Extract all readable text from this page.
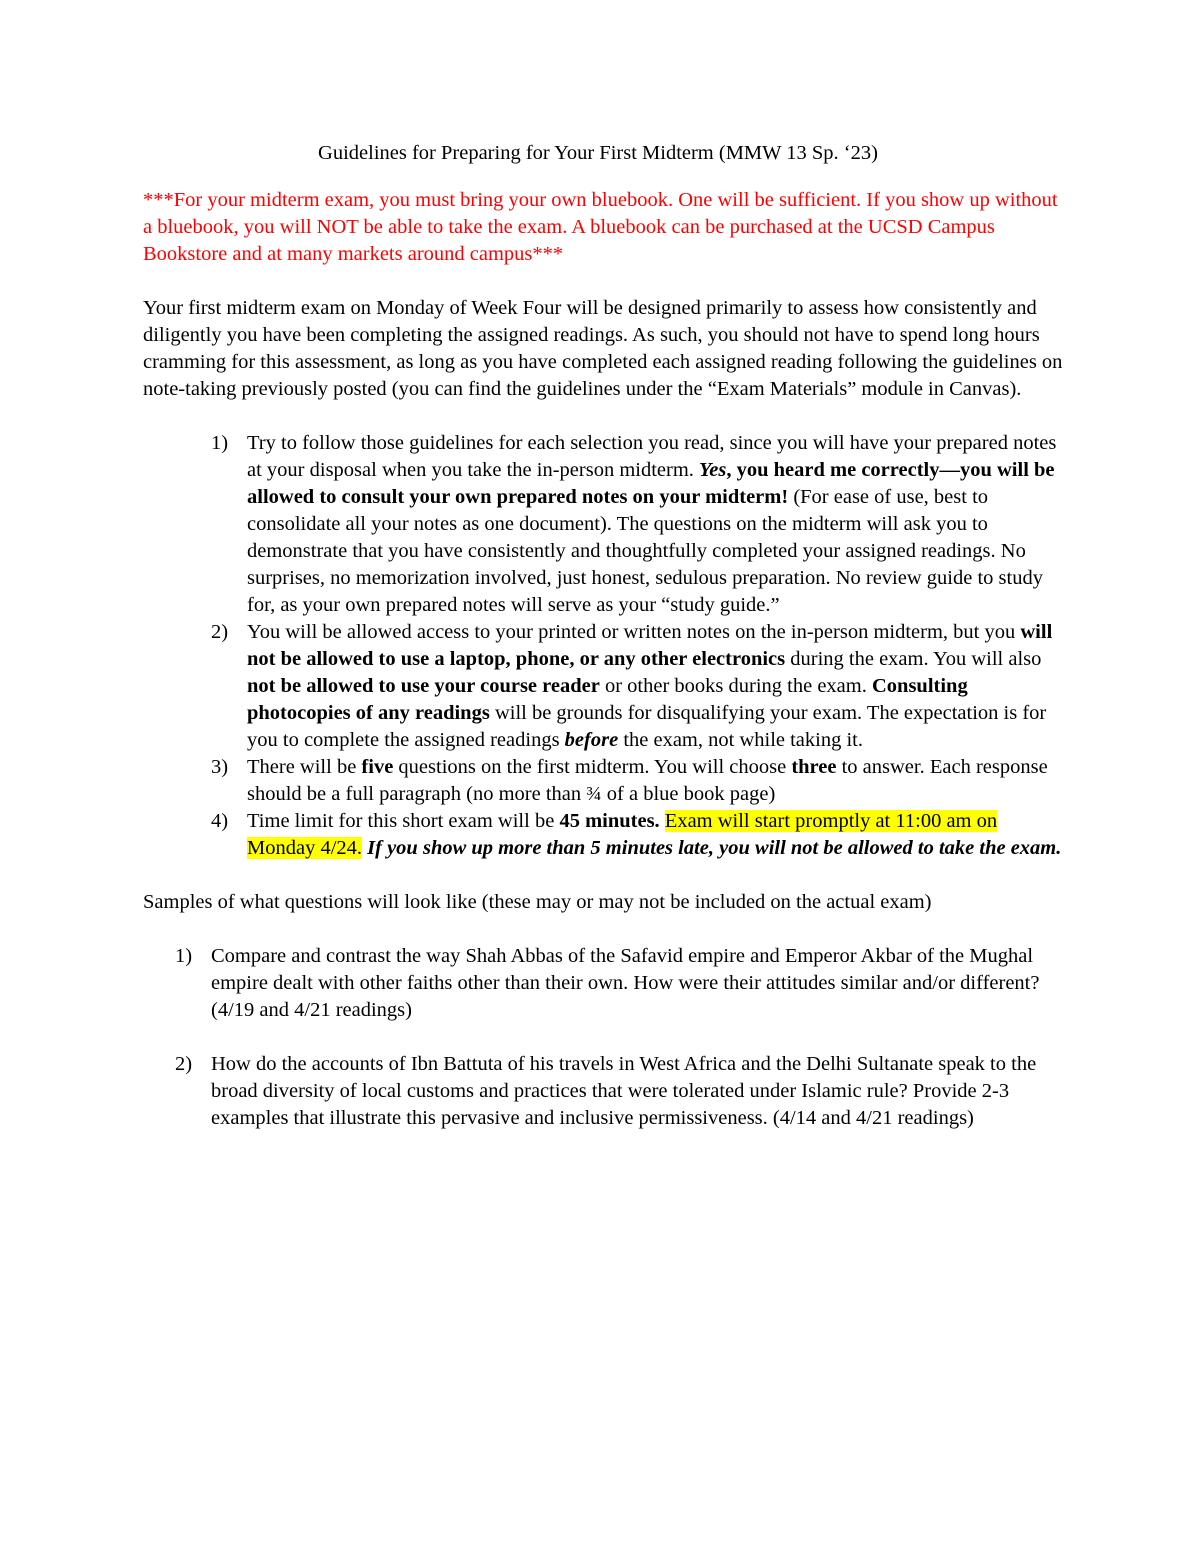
Guidelines for Preparing for Your First Midterm (MMW 13 Sp. ‘23)

***For your midterm exam, you must bring your own bluebook. One will be sufficient. If you show up without a bluebook, you will NOT be able to take the exam. A bluebook can be purchased at the UCSD Campus Bookstore and at many markets around campus***

Your first midterm exam on Monday of Week Four will be designed primarily to assess how consistently and diligently you have been completing the assigned readings. As such, you should not have to spend long hours cramming for this assessment, as long as you have completed each assigned reading following the guidelines on note-taking previously posted (you can find the guidelines under the “Exam Materials” module in Canvas).

1) Try to follow those guidelines for each selection you read, since you will have your prepared notes at your disposal when you take the in-person midterm. Yes, you heard me correctly—you will be allowed to consult your own prepared notes on your midterm! (For ease of use, best to consolidate all your notes as one document). The questions on the midterm will ask you to demonstrate that you have consistently and thoughtfully completed your assigned readings. No surprises, no memorization involved, just honest, sedulous preparation. No review guide to study for, as your own prepared notes will serve as your “study guide.”
2) You will be allowed access to your printed or written notes on the in-person midterm, but you will not be allowed to use a laptop, phone, or any other electronics during the exam. You will also not be allowed to use your course reader or other books during the exam. Consulting photocopies of any readings will be grounds for disqualifying your exam. The expectation is for you to complete the assigned readings before the exam, not while taking it.
3) There will be five questions on the first midterm. You will choose three to answer. Each response should be a full paragraph (no more than ¾ of a blue book page)
4) Time limit for this short exam will be 45 minutes. Exam will start promptly at 11:00 am on Monday 4/24. If you show up more than 5 minutes late, you will not be allowed to take the exam.

Samples of what questions will look like (these may or may not be included on the actual exam)

1) Compare and contrast the way Shah Abbas of the Safavid empire and Emperor Akbar of the Mughal empire dealt with other faiths other than their own. How were their attitudes similar and/or different? (4/19 and 4/21 readings)
2) How do the accounts of Ibn Battuta of his travels in West Africa and the Delhi Sultanate speak to the broad diversity of local customs and practices that were tolerated under Islamic rule? Provide 2-3 examples that illustrate this pervasive and inclusive permissiveness. (4/14 and 4/21 readings)
